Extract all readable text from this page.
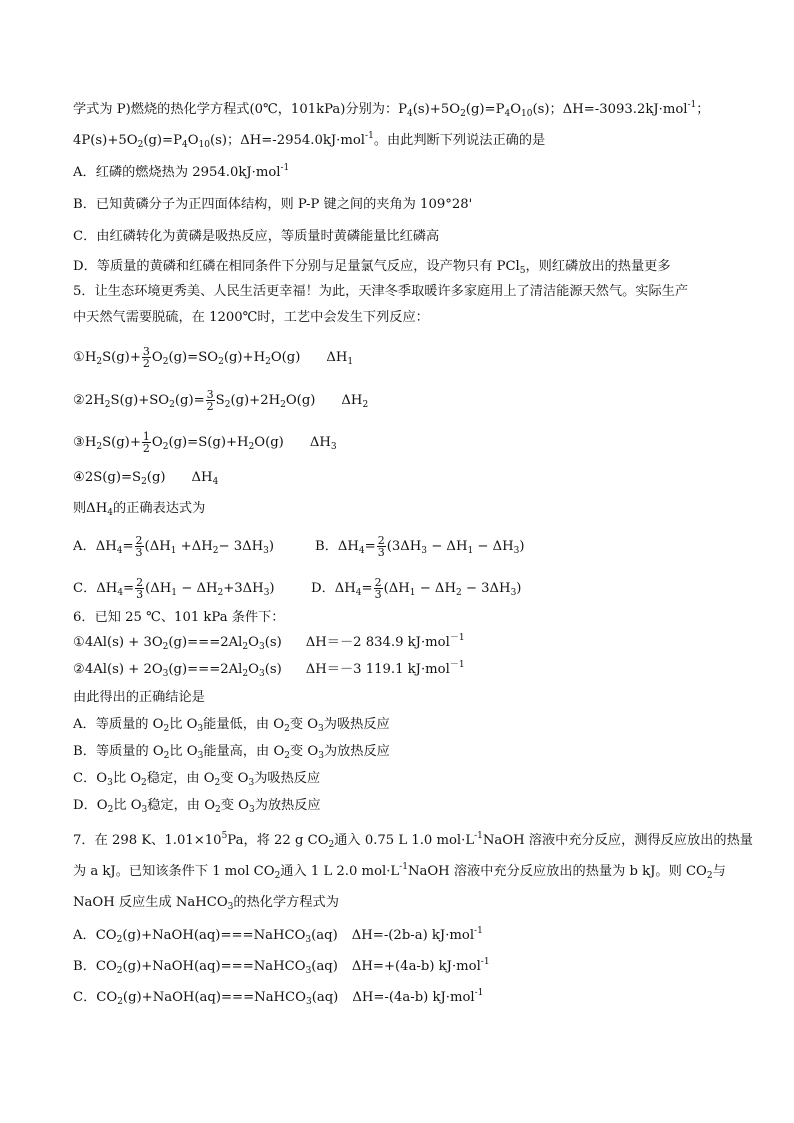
学式为 P)燃烧的热化学方程式(0℃，101kPa)分别为：$P_4(s)+5O_2(g)=P_4O_{10}(s)$；ΔH=-3093.2kJ·mol$^{-1}$；
$4P(s)+5O_2(g)=P_4O_{10}(s)$；ΔH=-2954.0kJ·mol$^{-1}$。由此判断下列说法正确的是
A．红磷的燃烧热为 2954.0kJ·mol$^{-1}$
B．已知黄磷分子为正四面体结构，则 P-P 键之间的夹角为 109°28'
C．由红磷转化为黄磷是吸热反应，等质量时黄磷能量比红磷高
D．等质量的黄磷和红磷在相同条件下分别与足量氯气反应，设产物只有 PCl$_5$，则红磷放出的热量更多
5．让生态环境更秀美、人民生活更幸福！为此，天津冬季取暖许多家庭用上了清洁能源天然气。实际生产
中天然气需要脱硫，在 1200℃时，工艺中会发生下列反应：
$①H_2S(g)+ \frac{3}{2} O_2(g)=SO_2(g)+H_2O(g)$ $\Delta H_1$
$②2H_2S(g)+SO_2(g)= \frac{3}{2} S_2(g)+2H_2O(g)$ $\Delta H_2$
$③H_2S(g)+ \frac{1}{2} O_2(g)=S(g)+H_2O(g)$ $\Delta H_3$
$④2S(g)=S_2(g)$ $\Delta H_4$
则$\Delta H_4$的正确表达式为
A．$\Delta H_4= \frac{2}{3} (\Delta H_1 +\Delta H_2- 3\Delta H_3)$	B．$\Delta H_4= \frac{2}{3} (3\Delta H_3 - \Delta H_1 - \Delta H_3)$
C．$\Delta H_4= \frac{2}{3} (\Delta H_1 - \Delta H_2+3\Delta H_3)$	D．$\Delta H_4= \frac{2}{3} (\Delta H_1 - \Delta H_2 - 3\Delta H_3)$
6．已知 25 ℃、101 kPa 条件下：
①4Al(s) + $3O_2(g)===2Al_2O_3(s)$ ΔH＝－2 834.9 kJ·mol$^{-1}$
②4Al(s) + $2O_3(g)===2Al_2O_3(s)$ ΔH＝－3 119.1 kJ·mol$^{-1}$
由此得出的正确结论是
A．等质量的 $O_2$比 $O_3$能量低，由 $O_2$变 $O_3$为吸热反应
B．等质量的 $O_2$比 $O_3$能量高，由 $O_2$变 $O_3$为放热反应
C．$O_3$比 $O_2$稳定，由 $O_2$变 $O_3$为吸热反应
D．$O_2$比 $O_3$稳定，由 $O_2$变 $O_3$为放热反应
7．在 298 K、$1.01\times 10^5Pa$，将 22 g $CO_2$通入 0.75 L 1.0 $mol\cdot L^{-1}NaOH$ 溶液中充分反应，测得反应放出的热量
为 a kJ。已知该条件下 1 mol $CO_2$通入 1 L 2.0 $mol\cdot L^{-1}NaOH$ 溶液中充分反应放出的热量为 b kJ。则 $CO_2$与
NaOH 反应生成 NaHCO$_3$的热化学方程式为
A．$CO_2(g)+NaOH(aq)===NaHCO_3(aq)$ ΔH=-(2b-a) kJ·mol$^{-1}$
B．$CO_2(g)+NaOH(aq)===NaHCO_3(aq)$ ΔH=+(4a-b) kJ·mol$^{-1}$
C．$CO_2(g)+NaOH(aq)===NaHCO_3(aq)$ ΔH=-(4a-b) kJ·mol$^{-1}$
